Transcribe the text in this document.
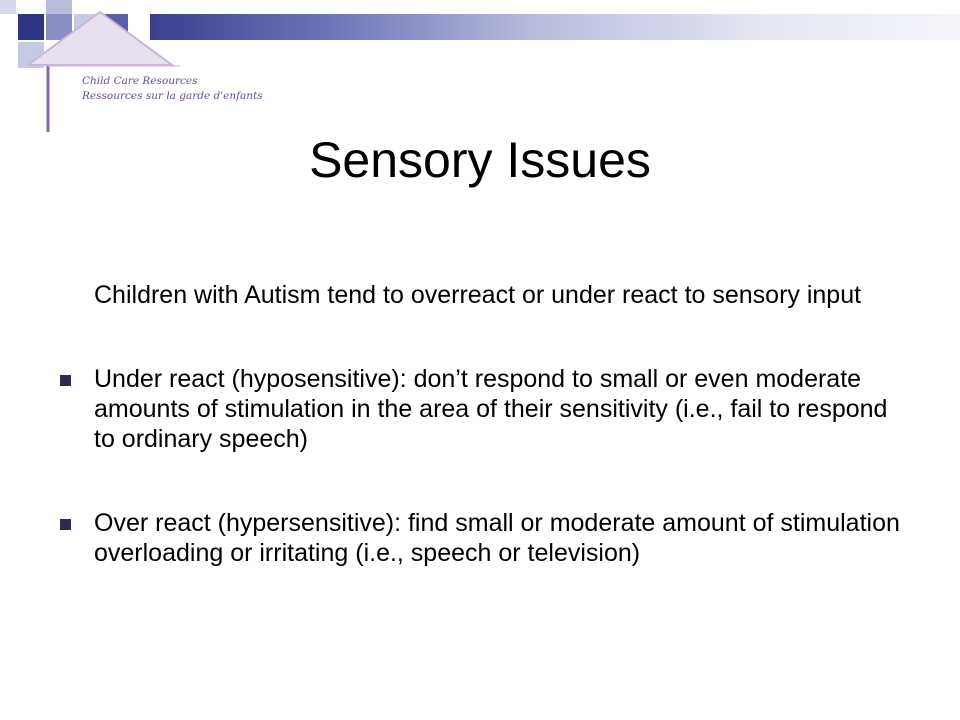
Child Care Resources
Ressources sur la garde d'enfants
Sensory Issues

Children with Autism tend to overreact or under react to sensory input

Under react (hyposensitive): don’t respond to small or even moderate amounts of stimulation in the area of their sensitivity (i.e., fail to respond to ordinary speech)
Over react (hypersensitive): find small or moderate amount of stimulation overloading or irritating (i.e., speech or television)
